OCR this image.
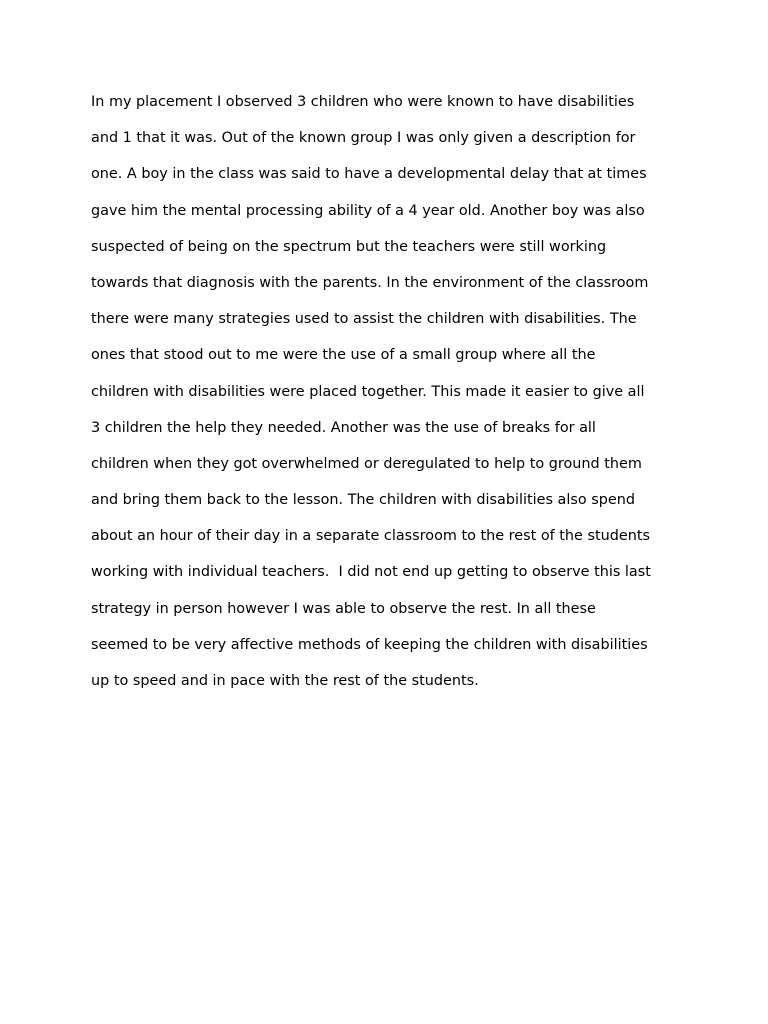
In my placement I observed 3 children who were known to have disabilities
and 1 that it was. Out of the known group I was only given a description for
one. A boy in the class was said to have a developmental delay that at times
gave him the mental processing ability of a 4 year old. Another boy was also
suspected of being on the spectrum but the teachers were still working
towards that diagnosis with the parents. In the environment of the classroom
there were many strategies used to assist the children with disabilities. The
ones that stood out to me were the use of a small group where all the
children with disabilities were placed together. This made it easier to give all
3 children the help they needed. Another was the use of breaks for all
children when they got overwhelmed or deregulated to help to ground them
and bring them back to the lesson. The children with disabilities also spend
about an hour of their day in a separate classroom to the rest of the students
working with individual teachers.  I did not end up getting to observe this last
strategy in person however I was able to observe the rest. In all these
seemed to be very affective methods of keeping the children with disabilities
up to speed and in pace with the rest of the students.
